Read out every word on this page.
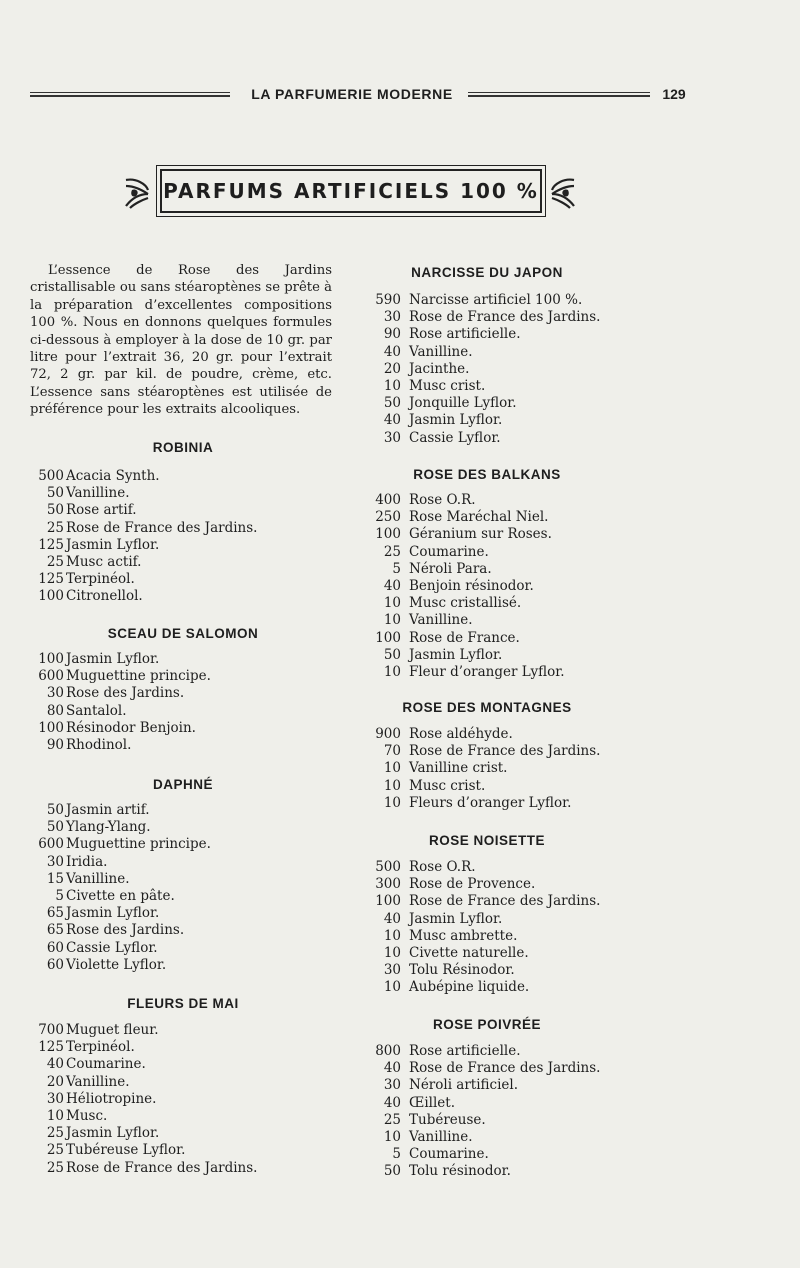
LA PARFUMERIE MODERNE	129
PARFUMS ARTIFICIELS 100 %

L’essence de Rose des Jardins cristallisable ou sans stéaroptènes se prête à la préparation d’excellentes compositions 100 %. Nous en donnons quelques formules ci-dessous à employer à la dose de 10 gr. par litre pour l’extrait 36, 20 gr. pour l’extrait 72, 2 gr. par kil. de poudre, crème, etc. L’essence sans stéaroptènes est utilisée de préférence pour les extraits alcooliques.

ROBINIA
500 Acacia Synth.
50 Vanilline.
50 Rose artif.
25 Rose de France des Jardins.
125 Jasmin Lyflor.
25 Musc actif.
125 Terpinéol.
100 Citronellol.
SCEAU DE SALOMON
100 Jasmin Lyflor.
600 Muguettine principe.
30 Rose des Jardins.
80 Santalol.
100 Résinodor Benjoin.
90 Rhodinol.
DAPHNÉ
50 Jasmin artif.
50 Ylang-Ylang.
600 Muguettine principe.
30 Iridia.
15 Vanilline.
5 Civette en pâte.
65 Jasmin Lyflor.
65 Rose des Jardins.
60 Cassie Lyflor.
60 Violette Lyflor.
FLEURS DE MAI
700 Muguet fleur.
125 Terpinéol.
40 Coumarine.
20 Vanilline.
30 Héliotropine.
10 Musc.
25 Jasmin Lyflor.
25 Tubéreuse Lyflor.
25 Rose de France des Jardins.
NARCISSE DU JAPON
590 Narcisse artificiel 100 %.
30 Rose de France des Jardins.
90 Rose artificielle.
40 Vanilline.
20 Jacinthe.
10 Musc crist.
50 Jonquille Lyflor.
40 Jasmin Lyflor.
30 Cassie Lyflor.
ROSE DES BALKANS
400 Rose O.R.
250 Rose Maréchal Niel.
100 Géranium sur Roses.
25 Coumarine.
5 Néroli Para.
40 Benjoin résinodor.
10 Musc cristallisé.
10 Vanilline.
100 Rose de France.
50 Jasmin Lyflor.
10 Fleur d’oranger Lyflor.
ROSE DES MONTAGNES
900 Rose aldéhyde.
70 Rose de France des Jardins.
10 Vanilline crist.
10 Musc crist.
10 Fleurs d’oranger Lyflor.
ROSE NOISETTE
500 Rose O.R.
300 Rose de Provence.
100 Rose de France des Jardins.
40 Jasmin Lyflor.
10 Musc ambrette.
10 Civette naturelle.
30 Tolu Résinodor.
10 Aubépine liquide.
ROSE POIVRÉE
800 Rose artificielle.
40 Rose de France des Jardins.
30 Néroli artificiel.
40 Œillet.
25 Tubéreuse.
10 Vanilline.
5 Coumarine.
50 Tolu résinodor.
